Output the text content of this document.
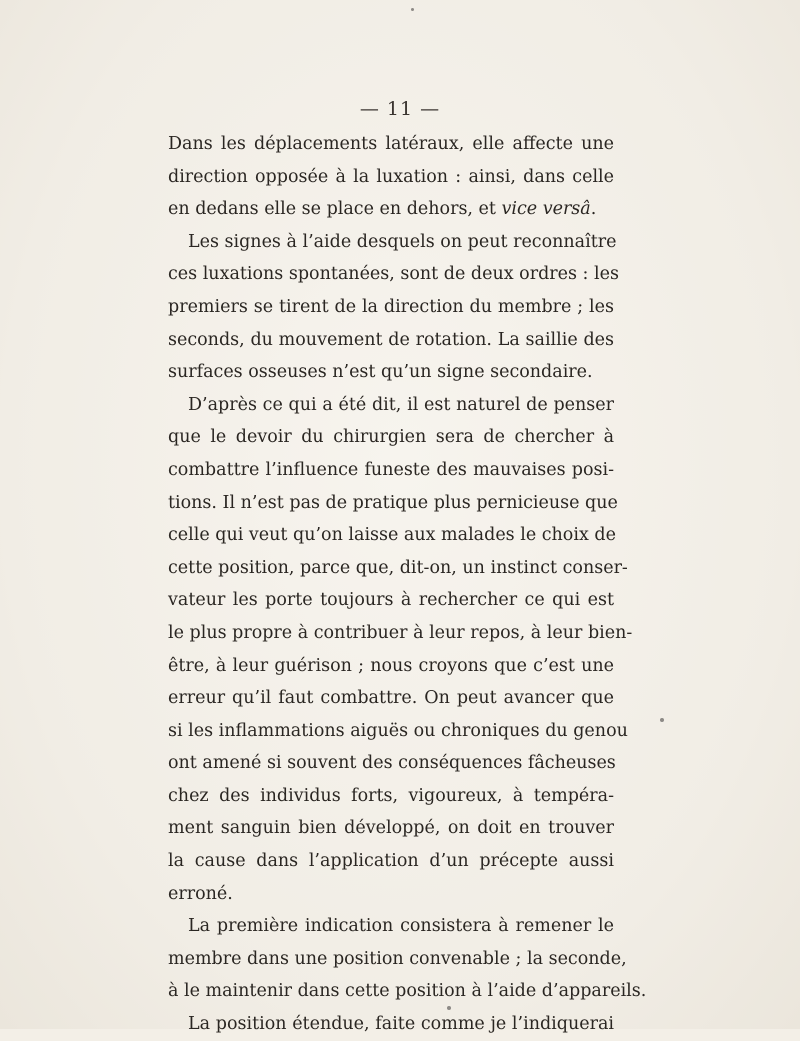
— 11 —
Dans les déplacements latéraux, elle affecte une
direction opposée à la luxation : ainsi, dans celle
en dedans elle se place en dehors, et vice versâ.
Les signes à l’aide desquels on peut reconnaître
ces luxations spontanées, sont de deux ordres : les
premiers se tirent de la direction du membre ; les
seconds, du mouvement de rotation. La saillie des
surfaces osseuses n’est qu’un signe secondaire.
D’après ce qui a été dit, il est naturel de penser
que le devoir du chirurgien sera de chercher à
combattre l’influence funeste des mauvaises posi-
tions. Il n’est pas de pratique plus pernicieuse que
celle qui veut qu’on laisse aux malades le choix de
cette position, parce que, dit-on, un instinct conser-
vateur les porte toujours à rechercher ce qui est
le plus propre à contribuer à leur repos, à leur bien-
être, à leur guérison ; nous croyons que c’est une
erreur qu’il faut combattre. On peut avancer que
si les inflammations aiguës ou chroniques du genou
ont amené si souvent des conséquences fâcheuses
chez des individus forts, vigoureux, à tempéra-
ment sanguin bien développé, on doit en trouver
la cause dans l’application d’un précepte aussi
erroné.
La première indication consistera à remener le
membre dans une position convenable ; la seconde,
à le maintenir dans cette position à l’aide d’appareils.
La position étendue, faite comme je l’indiquerai
